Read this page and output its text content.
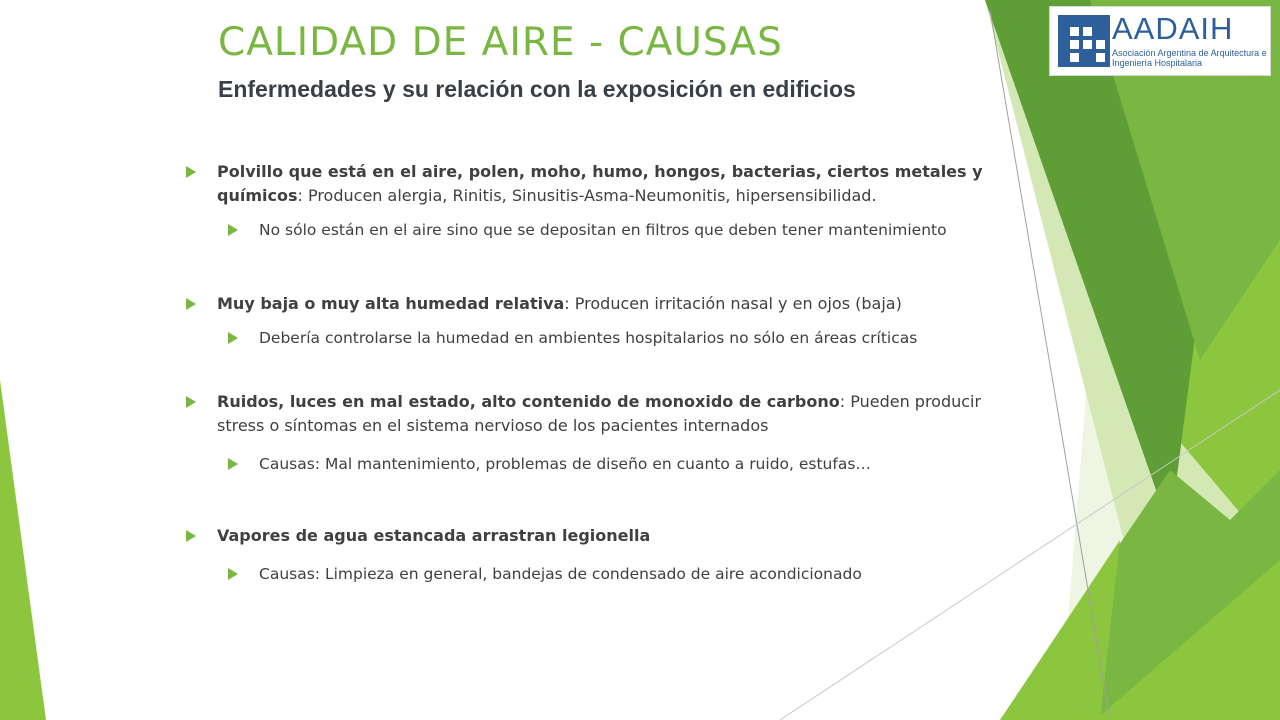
CALIDAD DE AIRE - CAUSAS
Enfermedades y su relación con la exposición en edificios
AADAIH
Asociación Argentina de Arquitectura e Ingeniería Hospitalaria
Polvillo que está en el aire, polen, moho, humo, hongos, bacterias, ciertos metales y químicos: Producen alergia, Rinitis, Sinusitis-Asma-Neumonitis, hipersensibilidad.
No sólo están en el aire sino que se depositan en filtros que deben tener mantenimiento
Muy baja o muy alta humedad relativa: Producen irritación nasal y en ojos (baja)
Debería controlarse la humedad en ambientes hospitalarios no sólo en áreas críticas
Ruidos, luces en mal estado, alto contenido de monoxido de carbono: Pueden producir stress o síntomas en el sistema nervioso de los pacientes internados
Causas: Mal mantenimiento, problemas de diseño en cuanto a ruido, estufas…
Vapores de agua estancada arrastran legionella
Causas: Limpieza en general, bandejas de condensado de aire acondicionado
